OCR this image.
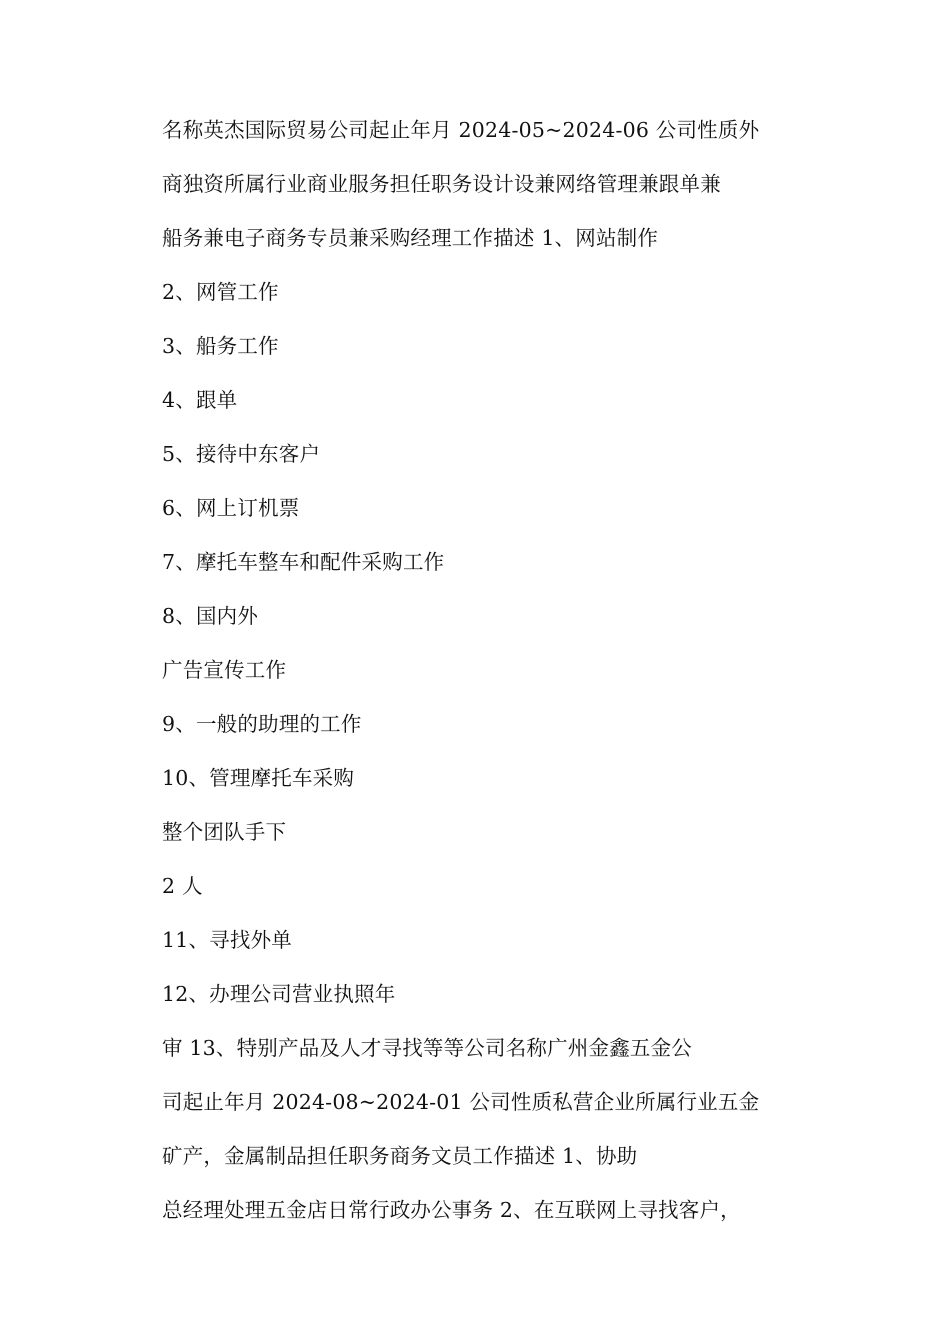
名称英杰国际贸易公司起止年月 2024-05~2024-06 公司性质外
商独资所属行业商业服务担任职务设计设兼网络管理兼跟单兼
船务兼电子商务专员兼采购经理工作描述 1、网站制作
2、网管工作
3、船务工作
4、跟单
5、接待中东客户
6、网上订机票
7、摩托车整车和配件采购工作
8、国内外
广告宣传工作
9、一般的助理的工作
10、管理摩托车采购
整个团队手下
2 人
11、寻找外单
12、办理公司营业执照年
审 13、特别产品及人才寻找等等公司名称广州金鑫五金公
司起止年月 2024-08~2024-01 公司性质私营企业所属行业五金
矿产，金属制品担任职务商务文员工作描述 1、协助
总经理处理五金店日常行政办公事务 2、在互联网上寻找客户，
